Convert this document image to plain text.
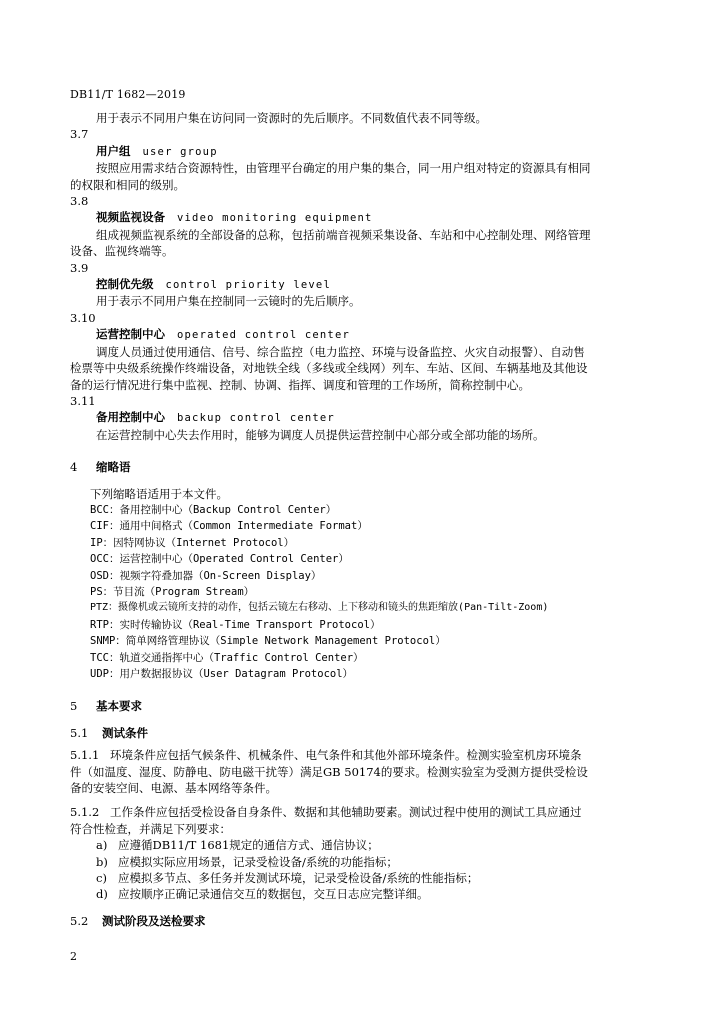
DB11/T 1682—2019
用于表示不同用户集在访问同一资源时的先后顺序。不同数值代表不同等级。
3.7
用户组 user group
按照应用需求结合资源特性，由管理平台确定的用户集的集合，同一用户组对特定的资源具有相同
的权限和相同的级别。
3.8
视频监视设备 video monitoring equipment
组成视频监视系统的全部设备的总称，包括前端音视频采集设备、车站和中心控制处理、网络管理
设备、监视终端等。
3.9
控制优先级 control priority level
用于表示不同用户集在控制同一云镜时的先后顺序。
3.10
运营控制中心 operated control center
调度人员通过使用通信、信号、综合监控（电力监控、环境与设备监控、火灾自动报警）、自动售
检票等中央级系统操作终端设备，对地铁全线（多线或全线网）列车、车站、区间、车辆基地及其他设
备的运行情况进行集中监视、控制、协调、指挥、调度和管理的工作场所，简称控制中心。
3.11
备用控制中心 backup control center
在运营控制中心失去作用时，能够为调度人员提供运营控制中心部分或全部功能的场所。
4 缩略语
下列缩略语适用于本文件。
BCC：备用控制中心（Backup Control Center）
CIF：通用中间格式（Common Intermediate Format）
IP：因特网协议（Internet Protocol）
OCC：运营控制中心（Operated Control Center）
OSD：视频字符叠加器（On-Screen Display）
PS：节目流（Program Stream）
PTZ：摄像机或云镜所支持的动作，包括云镜左右移动、上下移动和镜头的焦距缩放(Pan-Tilt-Zoom)
RTP：实时传输协议（Real-Time Transport Protocol）
SNMP：简单网络管理协议（Simple Network Management Protocol）
TCC：轨道交通指挥中心（Traffic Control Center）
UDP：用户数据报协议（User Datagram Protocol）
5 基本要求
5.1 测试条件
5.1.1 环境条件应包括气候条件、机械条件、电气条件和其他外部环境条件。检测实验室机房环境条
件（如温度、湿度、防静电、防电磁干扰等）满足GB 50174的要求。检测实验室为受测方提供受检设
备的安装空间、电源、基本网络等条件。
5.1.2 工作条件应包括受检设备自身条件、数据和其他辅助要素。测试过程中使用的测试工具应通过
符合性检查，并满足下列要求：
a) 应遵循DB11/T 1681规定的通信方式、通信协议；
b) 应模拟实际应用场景，记录受检设备/系统的功能指标；
c) 应模拟多节点、多任务并发测试环境，记录受检设备/系统的性能指标；
d) 应按顺序正确记录通信交互的数据包，交互日志应完整详细。
5.2 测试阶段及送检要求
2
